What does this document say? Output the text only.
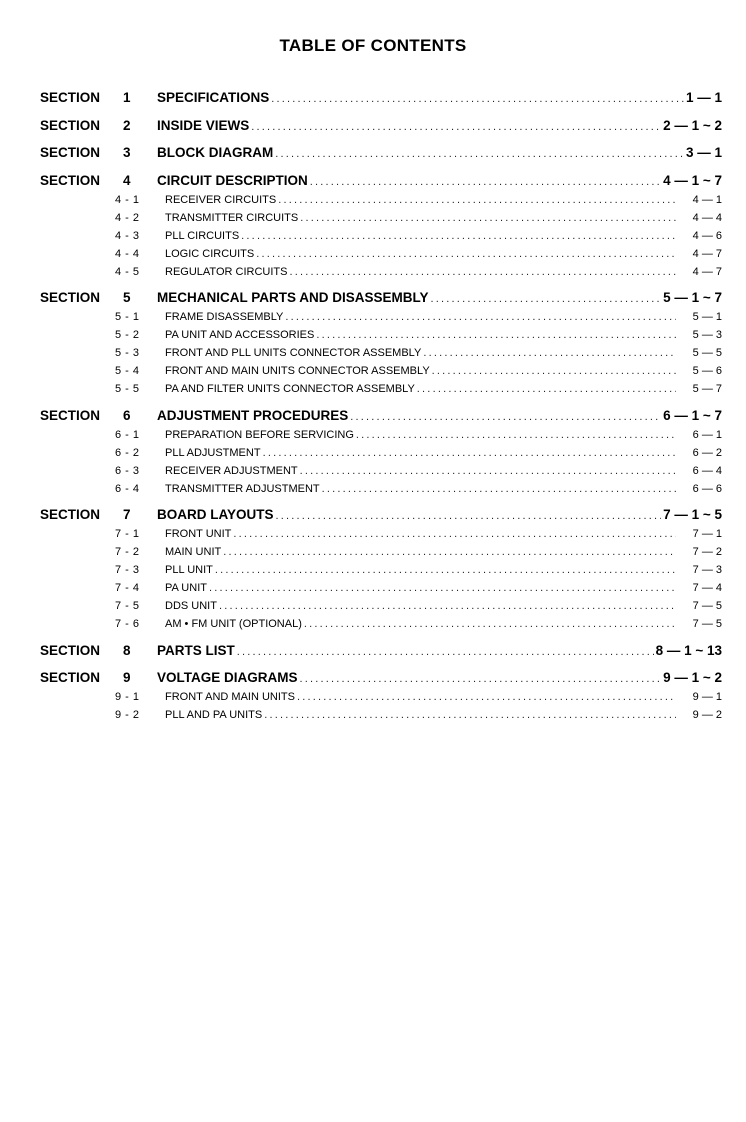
TABLE OF CONTENTS
SECTION 1 SPECIFICATIONS .....	1 — 1
SECTION 2 INSIDE VIEWS .....	2 — 1 ~ 2
SECTION 3 BLOCK DIAGRAM .....	3 — 1
SECTION 4 CIRCUIT DESCRIPTION .....	4 — 1 ~ 7
4 - 1 RECEIVER CIRCUITS .....	4 — 1
4 - 2 TRANSMITTER CIRCUITS .....	4 — 4
4 - 3 PLL CIRCUITS .....	4 — 6
4 - 4 LOGIC CIRCUITS .....	4 — 7
4 - 5 REGULATOR CIRCUITS .....	4 — 7
SECTION 5 MECHANICAL PARTS AND DISASSEMBLY .....	5 — 1 ~ 7
5 - 1 FRAME DISASSEMBLY .....	5 — 1
5 - 2 PA UNIT AND ACCESSORIES .....	5 — 3
5 - 3 FRONT AND PLL UNITS CONNECTOR ASSEMBLY .....	5 — 5
5 - 4 FRONT AND MAIN UNITS CONNECTOR ASSEMBLY .....	5 — 6
5 - 5 PA AND FILTER UNITS CONNECTOR ASSEMBLY .....	5 — 7
SECTION 6 ADJUSTMENT PROCEDURES .....	6 — 1 ~ 7
6 - 1 PREPARATION BEFORE SERVICING .....	6 — 1
6 - 2 PLL ADJUSTMENT .....	6 — 2
6 - 3 RECEIVER ADJUSTMENT .....	6 — 4
6 - 4 TRANSMITTER ADJUSTMENT .....	6 — 6
SECTION 7 BOARD LAYOUTS .....	7 — 1 ~ 5
7 - 1 FRONT UNIT .....	7 — 1
7 - 2 MAIN UNIT .....	7 — 2
7 - 3 PLL UNIT .....	7 — 3
7 - 4 PA UNIT .....	7 — 4
7 - 5 DDS UNIT .....	7 — 5
7 - 6 AM • FM UNIT (OPTIONAL) .....	7 — 5
SECTION 8 PARTS LIST .....	8 — 1 ~ 13
SECTION 9 VOLTAGE DIAGRAMS .....	9 — 1 ~ 2
9 - 1 FRONT AND MAIN UNITS .....	9 — 1
9 - 2 PLL AND PA UNITS .....	9 — 2
